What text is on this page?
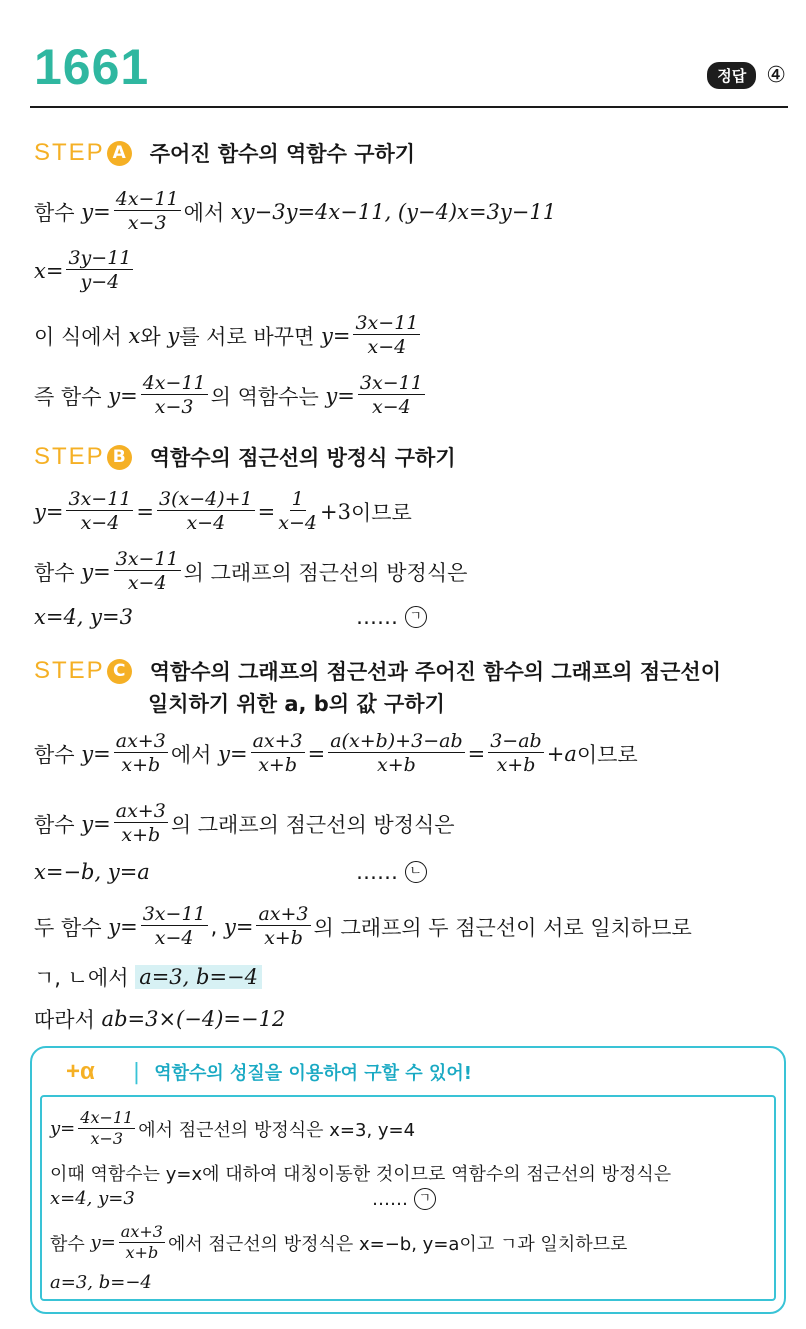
1661	정답 ④
STEP A 주어진 함수의 역함수 구하기
함수
$y = \frac{4x-11}{x-3}$ 에서
xy−3y=4x−11, (y−4)x=3y−11
$x = \frac{3y-11}{y-4}$
이 식에서
x 와
y 를 서로 바꾸면
$y = \frac{3x-11}{x-4}$
즉 함수
$y = \frac{4x-11}{x-3}$ 의 역함수는
$y = \frac{3x-11}{x-4}$
STEP B 역함수의 점근선의 방정식 구하기
$y = \frac{3x-11}{x-4} = \frac{3(x-4)+1}{x-4} = \frac{1}{x-4} +3$ 이므로
함수
$y = \frac{3x-11}{x-4}$ 의 그래프의 점근선의 방정식은
x=4, y=3	……
ㄱ
STEP C 역함수의 그래프의 점근선과 주어진 함수의 그래프의 점근선이
일치하기 위한 a, b의 값 구하기
함수
$y = \frac{ax+3}{x+b}$ 에서
$y = \frac{ax+3}{x+b} = \frac{a(x+b)+3-ab}{x+b} = \frac{3-ab}{x+b} +a$ 이므로
함수
$y = \frac{ax+3}{x+b}$ 의 그래프의 점근선의 방정식은
x=−b, y=a	……
ㄴ
두 함수
$y = \frac{3x-11}{x-4}$ , $y = \frac{ax+3}{x+b}$ 의 그래프의 두 점근선이 서로 일치하므로
ㄱ, ㄴ에서
a=3, b=−4
따라서
ab=3×(−4)=−12
+α | 역함수의 성질을 이용하여 구할 수 있어!
$y = \frac{4x-11}{x-3}$ 에서 점근선의 방정식은 x=3, y=4
이때 역함수는 y=x에 대하여 대칭이동한 것이므로 역함수의 점근선의 방정식은
x=4, y=3	……
ㄱ
함수
$y = \frac{ax+3}{x+b}$ 에서 점근선의 방정식은 x=−b, y=a이고 ㄱ과 일치하므로
a=3, b=−4
